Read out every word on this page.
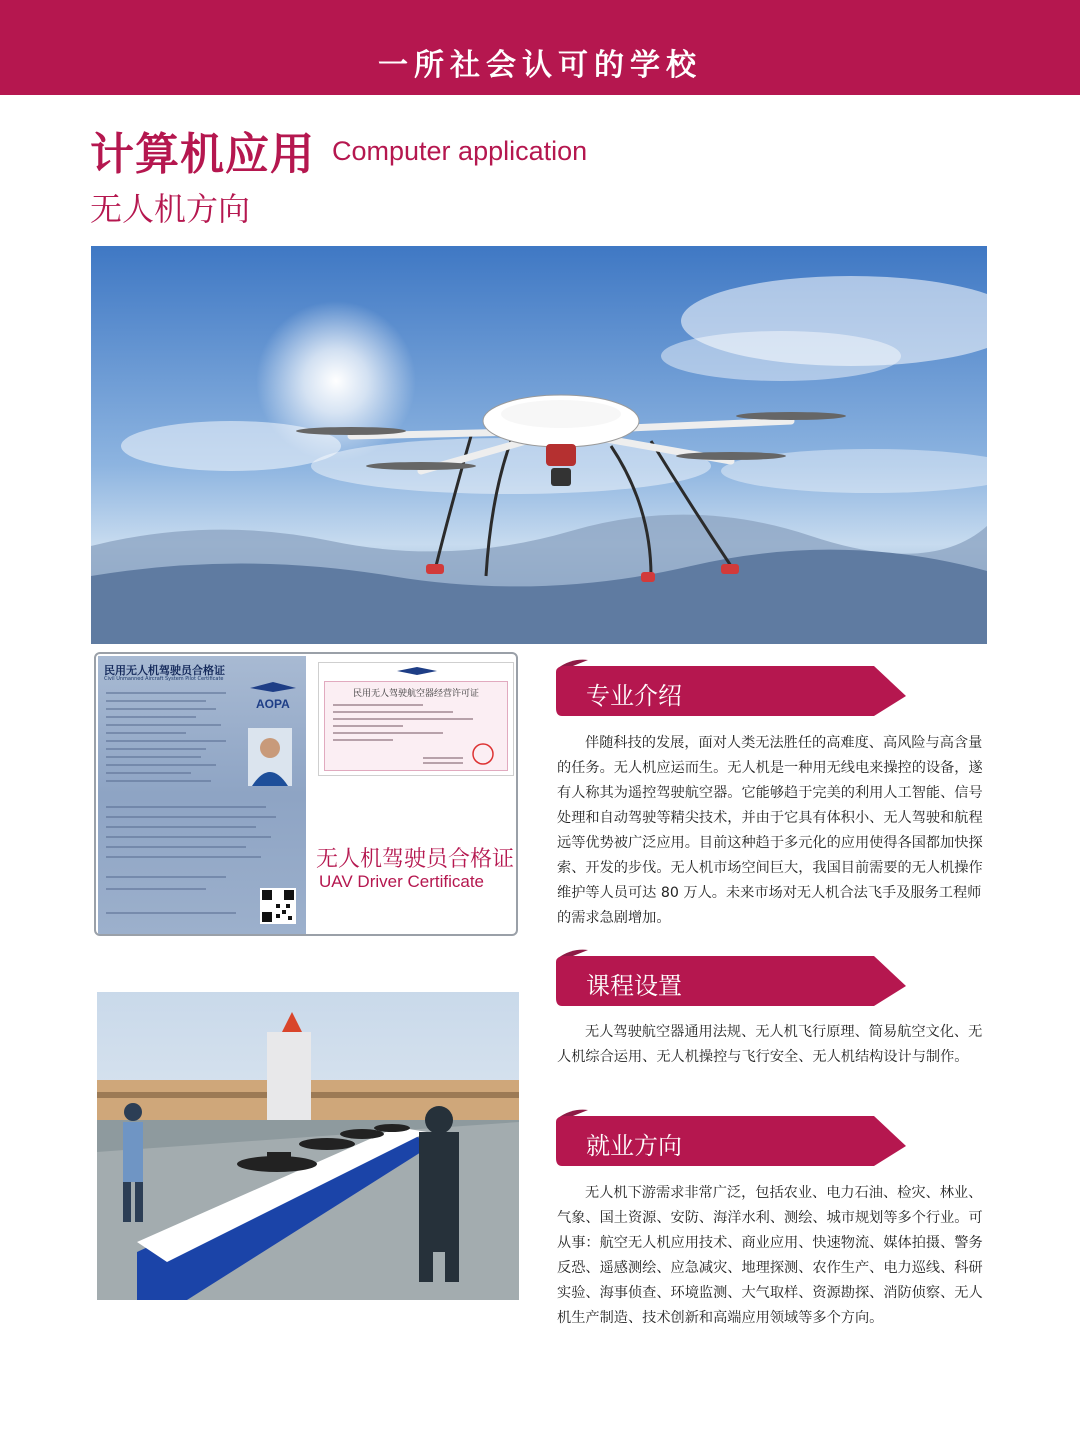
一所社会认可的学校
计算机应用 Computer application
无人机方向
民用无人机驾驶员合格证
Civil Unmanned Aircraft System Pilot Certificate
AOPA
民用无人驾驶航空器经营许可证
无人机驾驶员合格证
UAV Driver Certificate
专业介绍
伴随科技的发展，面对人类无法胜任的高难度、高风险与高含量的任务。无人机应运而生。无人机是一种用无线电来操控的设备，遂有人称其为遥控驾驶航空器。它能够趋于完美的利用人工智能、信号处理和自动驾驶等精尖技术，并由于它具有体积小、无人驾驶和航程远等优势被广泛应用。目前这种趋于多元化的应用使得各国都加快探索、开发的步伐。无人机市场空间巨大，我国目前需要的无人机操作维护等人员可达 80 万人。未来市场对无人机合法飞手及服务工程师的需求急剧增加。
课程设置
无人驾驶航空器通用法规、无人机飞行原理、简易航空文化、无人机综合运用、无人机操控与飞行安全、无人机结构设计与制作。
就业方向
无人机下游需求非常广泛，包括农业、电力石油、检灾、林业、气象、国土资源、安防、海洋水利、测绘、城市规划等多个行业。可从事：航空无人机应用技术、商业应用、快速物流、媒体拍摄、警务反恐、遥感测绘、应急减灾、地理探测、农作生产、电力巡线、科研实验、海事侦查、环境监测、大气取样、资源勘探、消防侦察、无人机生产制造、技术创新和高端应用领域等多个方向。
